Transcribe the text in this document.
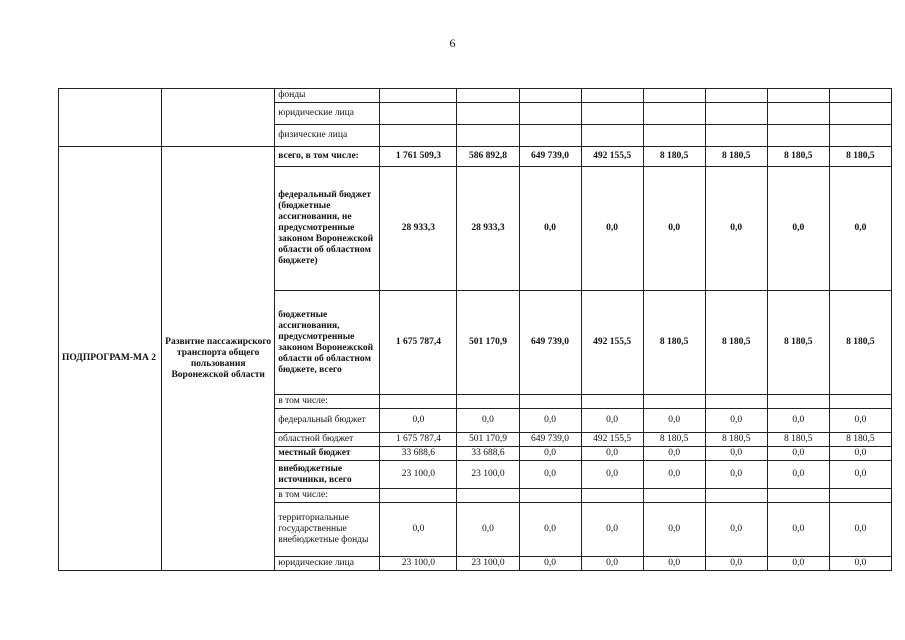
6
		фонды								
		юридические лица								
		физические лица								
ПОДПРОГРАМ-МА 2	Развитие пассажирского транспорта общего пользования Воронежской области	всего, в том числе:	1 761 509,3	586 892,8	649 739,0	492 155,5	8 180,5	8 180,5	8 180,5	8 180,5
		федеральный бюджет (бюджетные ассигнования, не предусмотренные законом Воронежской области об областном бюджете)	28 933,3	28 933,3	0,0	0,0	0,0	0,0	0,0	0,0
		бюджетные ассигнования, предусмотренные законом Воронежской области об областном бюджете, всего	1 675 787,4	501 170,9	649 739,0	492 155,5	8 180,5	8 180,5	8 180,5	8 180,5
		в том числе:								
		федеральный бюджет	0,0	0,0	0,0	0,0	0,0	0,0	0,0	0,0
		областной бюджет	1 675 787,4	501 170,9	649 739,0	492 155,5	8 180,5	8 180,5	8 180,5	8 180,5
		местный бюджет	33 688,6	33 688,6	0,0	0,0	0,0	0,0	0,0	0,0
		внебюджетные источники, всего	23 100,0	23 100,0	0,0	0,0	0,0	0,0	0,0	0,0
		в том числе:								
		территориальные государственные внебюджетные фонды	0,0	0,0	0,0	0,0	0,0	0,0	0,0	0,0
		юридические лица	23 100,0	23 100,0	0,0	0,0	0,0	0,0	0,0	0,0
